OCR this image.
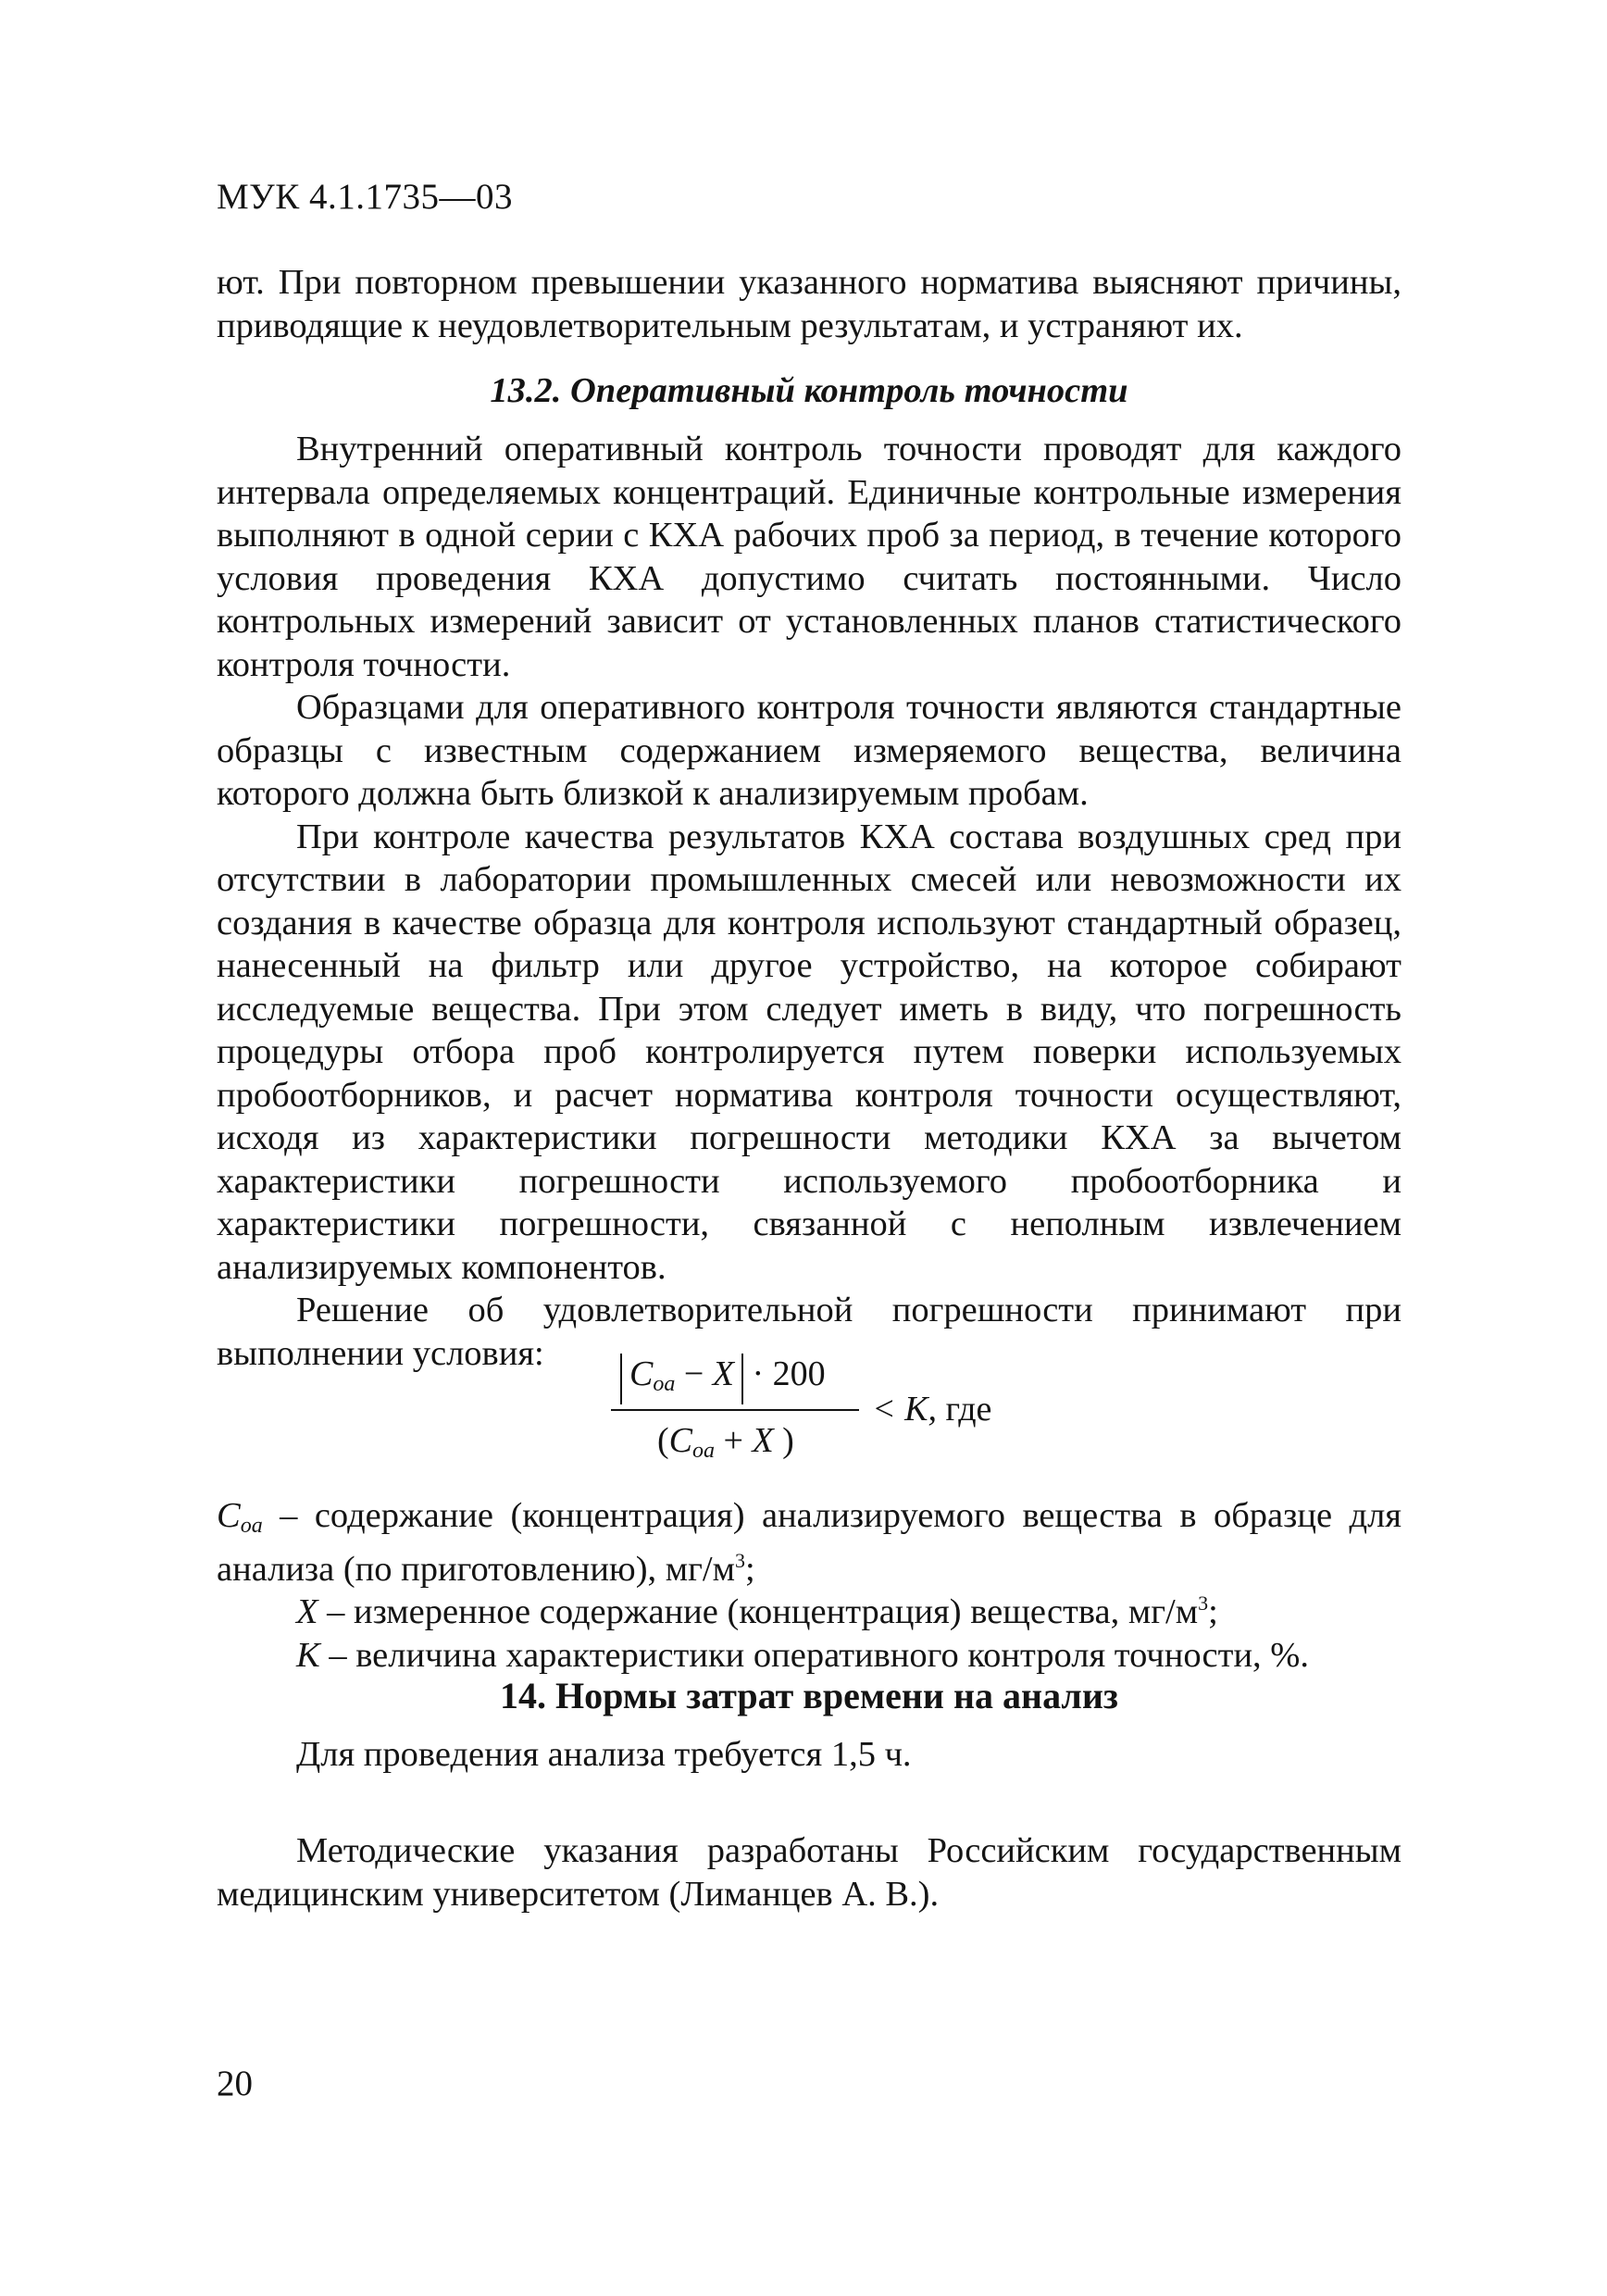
МУК 4.1.1735—03

ют. При повторном превышении указанного норматива выясняют причины, приводящие к неудовлетворительным результатам, и устраняют их.

13.2. Оперативный контроль точности

Внутренний оперативный контроль точности проводят для каждого интервала определяемых концентраций. Единичные контрольные измерения выполняют в одной серии с КХА рабочих проб за период, в течение которого условия проведения КХА допустимо считать постоянными. Число контрольных измерений зависит от установленных планов статистического контроля точности.

Образцами для оперативного контроля точности являются стандартные образцы с известным содержанием измеряемого вещества, величина которого должна быть близкой к анализируемым пробам.

При контроле качества результатов КХА состава воздушных сред при отсутствии в лаборатории промышленных смесей или невозможности их создания в качестве образца для контроля используют стандартный образец, нанесенный на фильтр или другое устройство, на которое собирают исследуемые вещества. При этом следует иметь в виду, что погрешность процедуры отбора проб контролируется путем поверки используемых пробоотборников, и расчет норматива контроля точности осуществляют, исходя из характеристики погрешности методики КХА за вычетом характеристики погрешности используемого пробоотборника и характеристики погрешности, связанной с неполным извлечением анализируемых компонентов.

Решение об удовлетворительной погрешности принимают при выполнении условия:

$C_{oa} - X \cdot 200$
($C_{oa} + X$ )
< K, где

$C_{oa}$ – содержание (концентрация) анализируемого вещества в образце для анализа (по приготовлению), $мг/м^3$;

X – измеренное содержание (концентрация) вещества, $мг/м^3$;

K – величина характеристики оперативного контроля точности, %.

14. Нормы затрат времени на анализ

Для проведения анализа требуется 1,5 ч.

Методические указания разработаны Российским государственным медицинским университетом (Лиманцев А. В.).

20
